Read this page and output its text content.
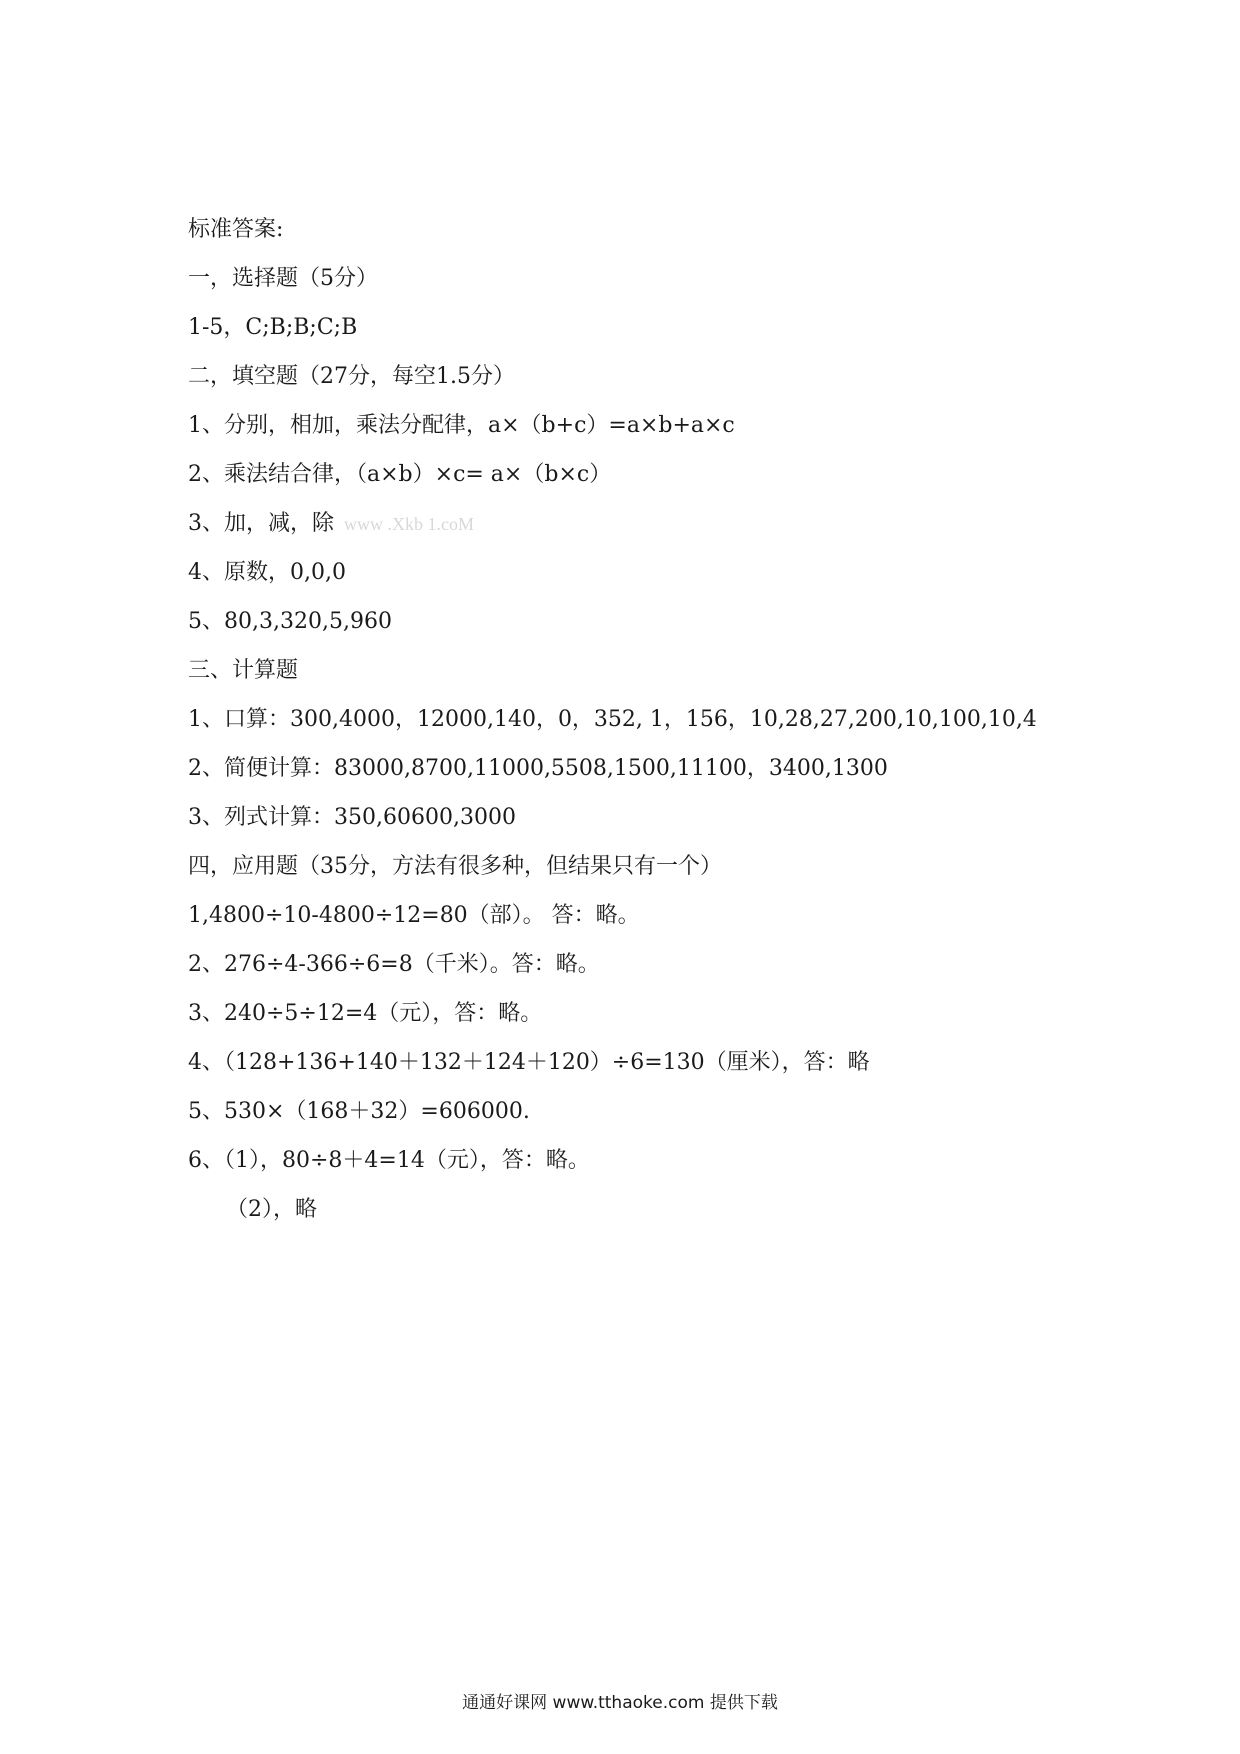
标准答案:
一，选择题（5分）
1-5，C;B;B;C;B
二，填空题（27分，每空1.5分）
1、分别，相加，乘法分配律，a×（b+c）=a×b+a×c
2、乘法结合律，（a×b）×c= a×（b×c）
3、加，减，除 www .Xkb 1.coM
4、原数，0,0,0
5、80,3,320,5,960
三、计算题
1、口算：300,4000，12000,140，0，352, 1，156，10,28,27,200,10,100,10,4
2、简便计算：83000,8700,11000,5508,1500,11100，3400,1300
3、列式计算：350,60600,3000
四，应用题（35分，方法有很多种，但结果只有一个）
1,4800÷10-4800÷12=80（部）。 答：略。
2、276÷4-366÷6=8（千米）。答：略。
3、240÷5÷12=4（元），答：略。
4、（128+136+140＋132＋124＋120）÷6=130（厘米），答：略
5、530×（168＋32）=606000.
6、（1），80÷8＋4=14（元），答：略。
（2），略
通通好课网 www.tthaoke.com 提供下载
